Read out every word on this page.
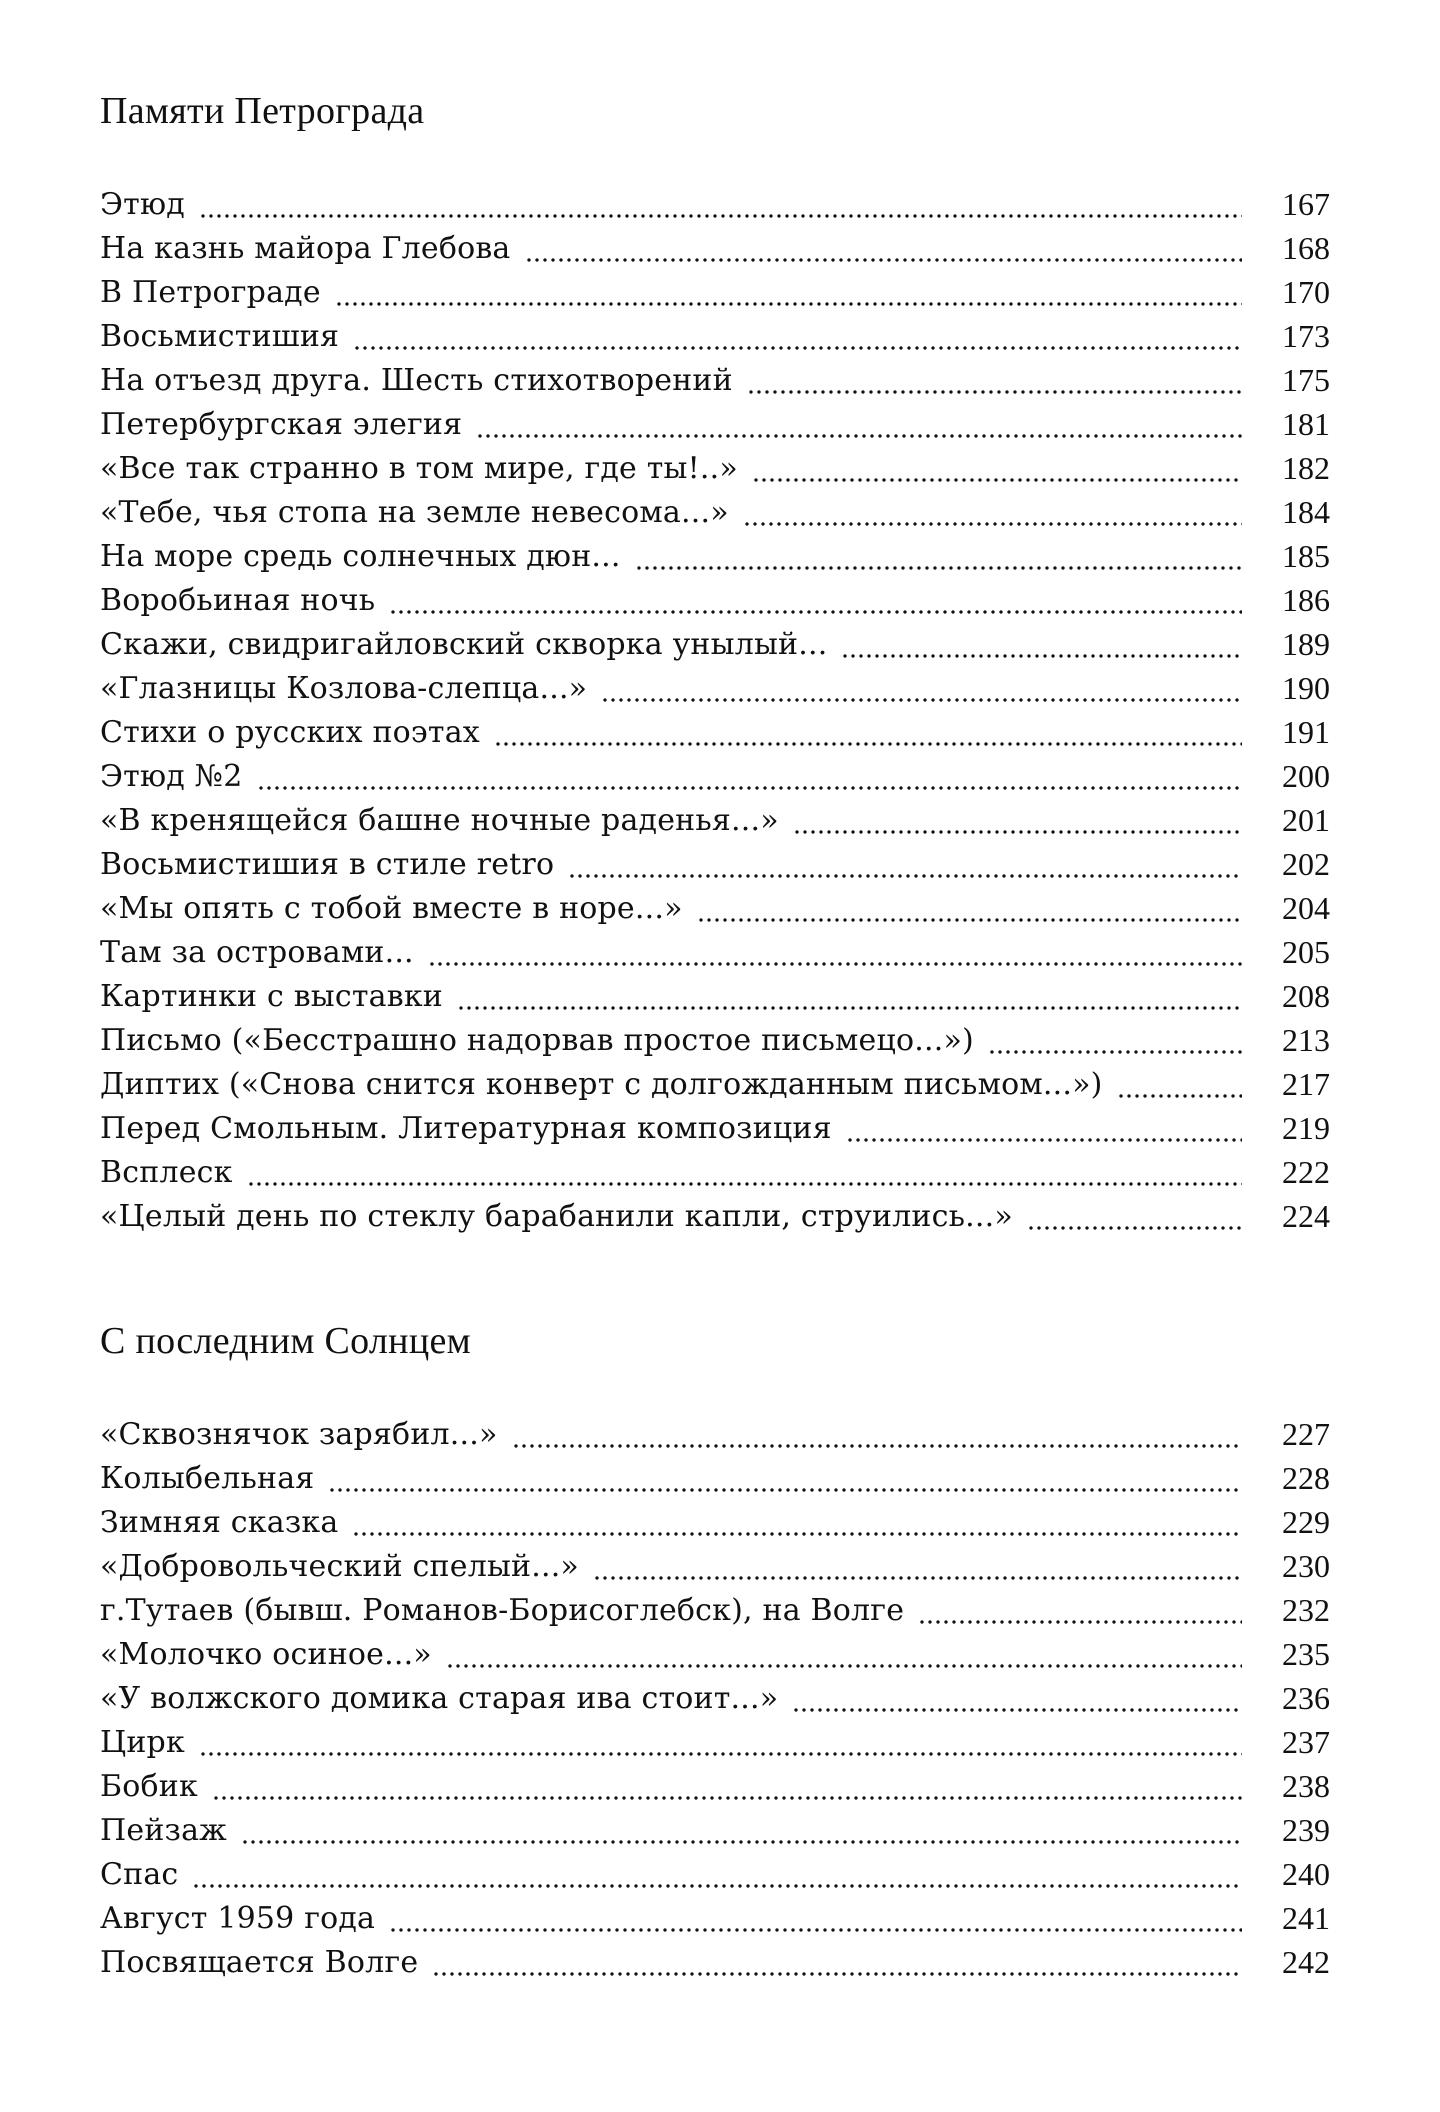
Памяти Петрограда
Этюд	167
На казнь майора Глебова	168
В Петрограде	170
Восьмистишия	173
На отъезд друга. Шесть стихотворений	175
Петербургская элегия	181
«Все так странно в том мире, где ты!..»	182
«Тебе, чья стопа на земле невесома...»	184
На море средь солнечных дюн...	185
Воробьиная ночь	186
Скажи, свидригайловский скворка унылый...	189
«Глазницы Козлова-слепца...»	190
Стихи о русских поэтах	191
Этюд №2	200
«В кренящейся башне ночные раденья...»	201
Восьмистишия в стиле retro	202
«Мы опять с тобой вместе в норе...»	204
Там за островами...	205
Картинки с выставки	208
Письмо («Бесстрашно надорвав простое письмецо...»)	213
Диптих («Снова снится конверт с долгожданным письмом...»)	217
Перед Смольным. Литературная композиция	219
Всплеск	222
«Целый день по стеклу барабанили капли, струились...»	224
С последним Солнцем
«Сквознячок зарябил...»	227
Колыбельная	228
Зимняя сказка	229
«Добровольческий спелый...»	230
г.Тутаев (бывш. Романов-Борисоглебск), на Волге	232
«Молочко осиное...»	235
«У волжского домика старая ива стоит...»	236
Цирк	237
Бобик	238
Пейзаж	239
Спас	240
Август 1959 года	241
Посвящается Волге	242
